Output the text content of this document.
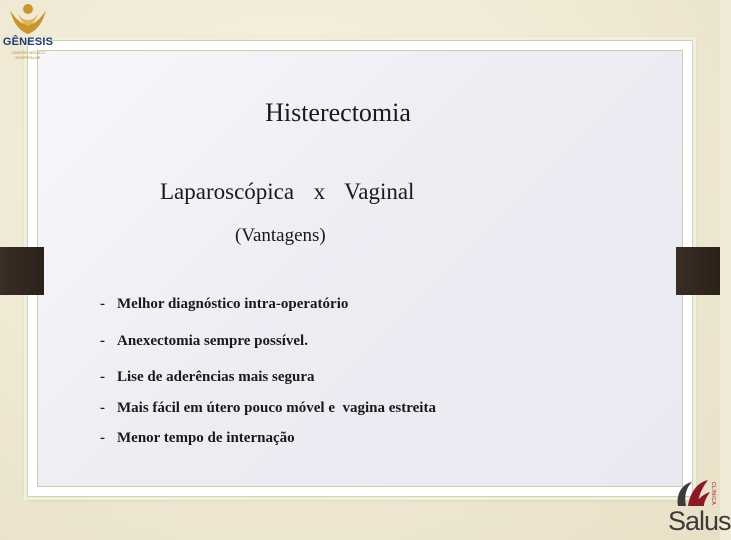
GÊNESIS
CENTRO MÉDICO HOSPITALAR
Histerectomia
Laparoscópica  x  Vaginal
(Vantagens)
- Melhor diagnóstico intra-operatório
- Anexectomia sempre possível.
- Lise de aderências mais segura
- Mais fácil em útero pouco móvel e  vagina estreita
- Menor tempo de internação
CLÍNICA
Salus
